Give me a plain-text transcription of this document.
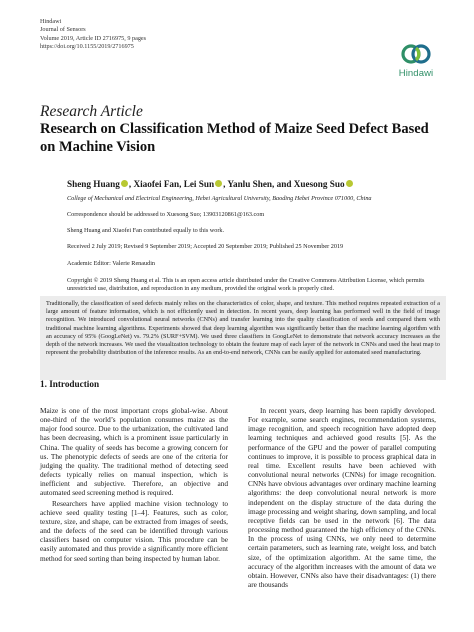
Hindawi
Journal of Sensors
Volume 2019, Article ID 2716975, 9 pages
https://doi.org/10.1155/2019/2716975
Hindawi
Research Article
Research on Classification Method of Maize Seed Defect Based on Machine Vision
Sheng Huang , Xiaofei Fan, Lei Sun , Yanlu Shen, and Xuesong Suo
College of Mechanical and Electrical Engineering, Hebei Agricultural University, Baoding Hebei Province 071000, China
Correspondence should be addressed to Xuesong Suo; 13903120861@163.com
Sheng Huang and Xiaofei Fan contributed equally to this work.
Received 2 July 2019; Revised 9 September 2019; Accepted 20 September 2019; Published 25 November 2019
Academic Editor: Valerie Renaudin
Copyright © 2019 Sheng Huang et al. This is an open access article distributed under the Creative Commons Attribution License, which permits unrestricted use, distribution, and reproduction in any medium, provided the original work is properly cited.

Traditionally, the classification of seed defects mainly relies on the characteristics of color, shape, and texture. This method requires repeated extraction of a large amount of feature information, which is not efficiently used in detection. In recent years, deep learning has performed well in the field of image recognition. We introduced convolutional neural networks (CNNs) and transfer learning into the quality classification of seeds and compared them with traditional machine learning algorithms. Experiments showed that deep learning algorithm was significantly better than the machine learning algorithm with an accuracy of 95% (GoogLeNet) vs. 79.2% (SURF+SVM). We used three classifiers in GoogLeNet to demonstrate that network accuracy increases as the depth of the network increases. We used the visualization technology to obtain the feature map of each layer of the network in CNNs and used the heat map to represent the probability distribution of the inference results. As an end-to-end network, CNNs can be easily applied for automated seed manufacturing.

1. Introduction

Maize is one of the most important crops global-wise. About one-third of the world’s population consumes maize as the major food source. Due to the urbanization, the cultivated land has been decreasing, which is a prominent issue particularly in China. The quality of seeds has become a growing concern for us. The phenotypic defects of seeds are one of the criteria for judging the quality. The traditional method of detecting seed defects typically relies on manual inspection, which is inefficient and subjective. Therefore, an objective and automated seed screening method is required.

Researchers have applied machine vision technology to achieve seed quality testing [1–4]. Features, such as color, texture, size, and shape, can be extracted from images of seeds, and the defects of the seed can be identified through various classifiers based on computer vision. This procedure can be easily automated and thus provide a significantly more efficient method for seed sorting than being inspected by human labor.

In recent years, deep learning has been rapidly developed. For example, some search engines, recommendation systems, image recognition, and speech recognition have adopted deep learning techniques and achieved good results [5]. As the performance of the GPU and the power of parallel computing continues to improve, it is possible to process graphical data in real time. Excellent results have been achieved with convolutional neural networks (CNNs) for image recognition. CNNs have obvious advantages over ordinary machine learning algorithms: the deep convolutional neural network is more independent on the display structure of the data during the image processing and weight sharing, down sampling, and local receptive fields can be used in the network [6]. The data processing method guaranteed the high efficiency of the CNNs. In the process of using CNNs, we only need to determine certain parameters, such as learning rate, weight loss, and batch size, of the optimization algorithm. At the same time, the accuracy of the algorithm increases with the amount of data we obtain. However, CNNs also have their disadvantages: (1) there are thousands
